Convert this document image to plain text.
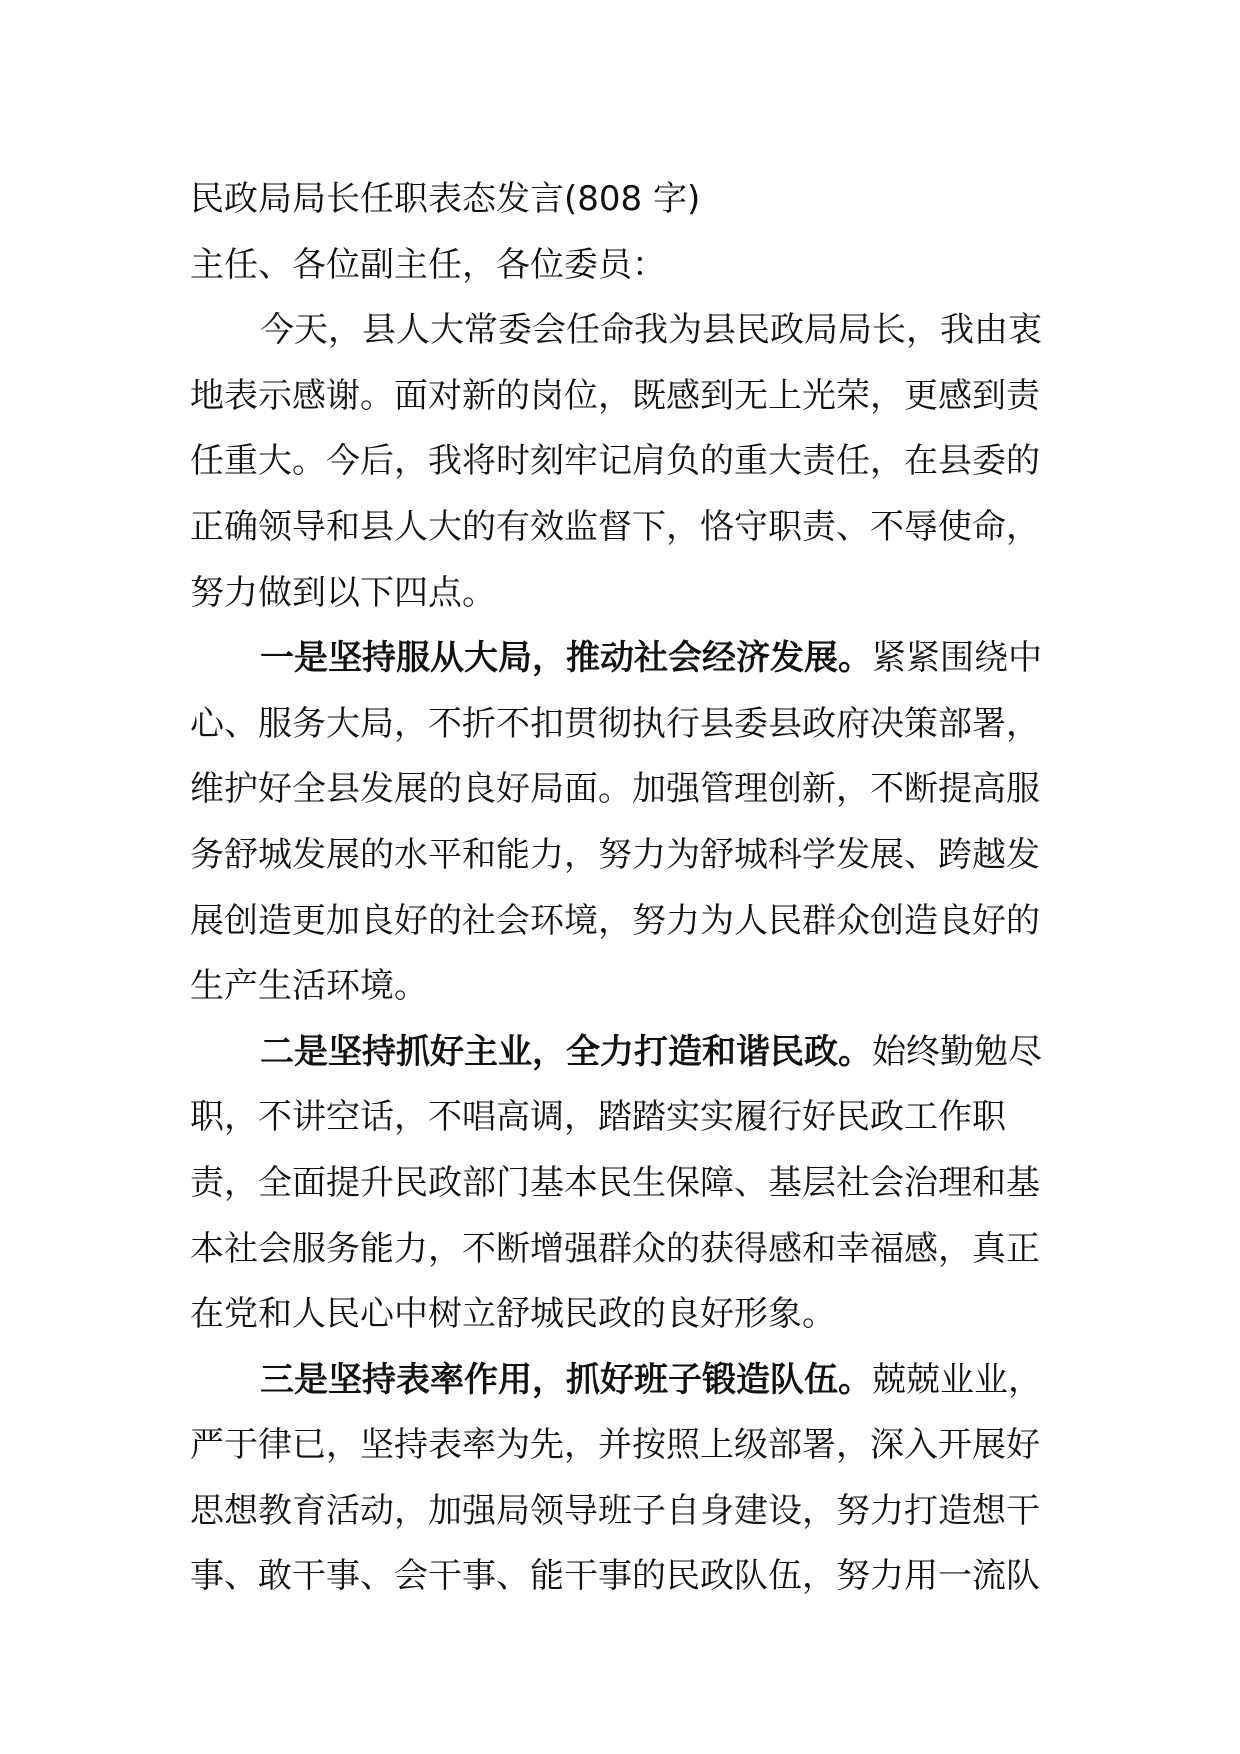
民政局局长任职表态发言(808 字)
主任、各位副主任，各位委员：
今天，县人大常委会任命我为县民政局局长，我由衷
地表示感谢。面对新的岗位，既感到无上光荣，更感到责
任重大。今后，我将时刻牢记肩负的重大责任，在县委的
正确领导和县人大的有效监督下，恪守职责、不辱使命，
努力做到以下四点。
一是坚持服从大局，推动社会经济发展。紧紧围绕中
心、服务大局，不折不扣贯彻执行县委县政府决策部署，
维护好全县发展的良好局面。加强管理创新，不断提高服
务舒城发展的水平和能力，努力为舒城科学发展、跨越发
展创造更加良好的社会环境，努力为人民群众创造良好的
生产生活环境。
二是坚持抓好主业，全力打造和谐民政。始终勤勉尽
职，不讲空话，不唱高调，踏踏实实履行好民政工作职
责，全面提升民政部门基本民生保障、基层社会治理和基
本社会服务能力，不断增强群众的获得感和幸福感，真正
在党和人民心中树立舒城民政的良好形象。
三是坚持表率作用，抓好班子锻造队伍。兢兢业业，
严于律已，坚持表率为先，并按照上级部署，深入开展好
思想教育活动，加强局领导班子自身建设，努力打造想干
事、敢干事、会干事、能干事的民政队伍，努力用一流队
